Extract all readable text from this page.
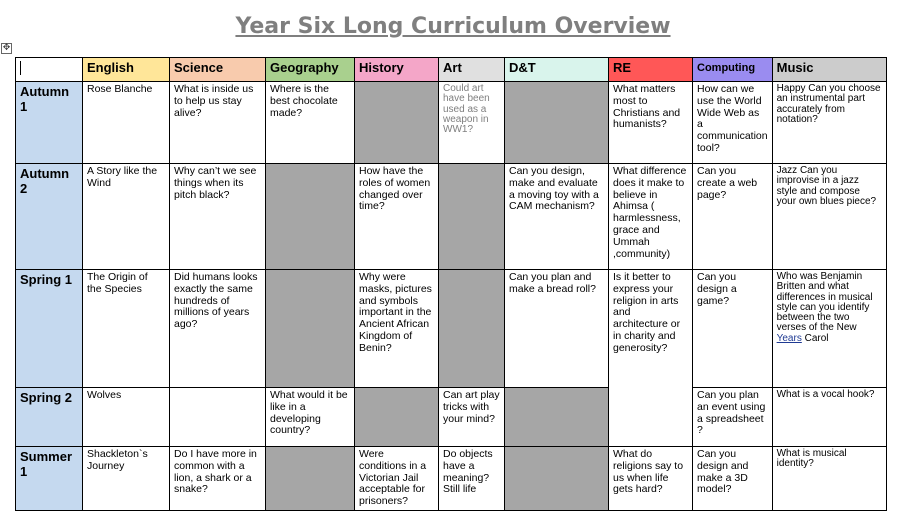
Year Six Long Curriculum Overview
✥
	English	Science	Geography	History	Art	D&T	RE	Computing	Music
Autumn 1	Rose Blanche	What is inside us to help us stay alive?	Where is the best chocolate made?		Could art have been used as a weapon in WW1?		What matters most to Christians and humanists?	How can we use the World Wide Web as a communication tool?	Happy Can you choose an instrumental part accurately from notation?
Autumn 2	A Story like the Wind	Why can’t we see things when its pitch black?		How have the roles of women changed over time?		Can you design, make and evaluate a moving toy with a CAM mechanism?	What difference does it make to believe in Ahimsa ( harmlessness, grace and Ummah ,community)	Can you create a web page?	Jazz Can you improvise in a jazz style and compose your own blues piece?
Spring 1	The Origin of the Species	Did humans looks exactly the same hundreds of millions of years ago?		Why were masks, pictures and symbols important in the Ancient African Kingdom of Benin?		Can you plan and make a bread roll?	Is it better to express your religion in arts and architecture or in charity and generosity?	Can you design a game?	Who was Benjamin Britten and what differences in musical style can you identify between the two verses of the New Years Carol
Spring 2	Wolves		What would it be like in a developing country?		Can art play tricks with your mind?			Can you plan an event using a spreadsheet ?	What is a vocal hook?
Summer 1	Shackleton`s Journey	Do I have more in common with a lion, a shark or a snake?		Were conditions in a Victorian Jail acceptable for prisoners?	Do objects have a meaning? Still life		What do religions say to us when life gets hard?	Can you design and make a 3D model?	What is musical identity?
